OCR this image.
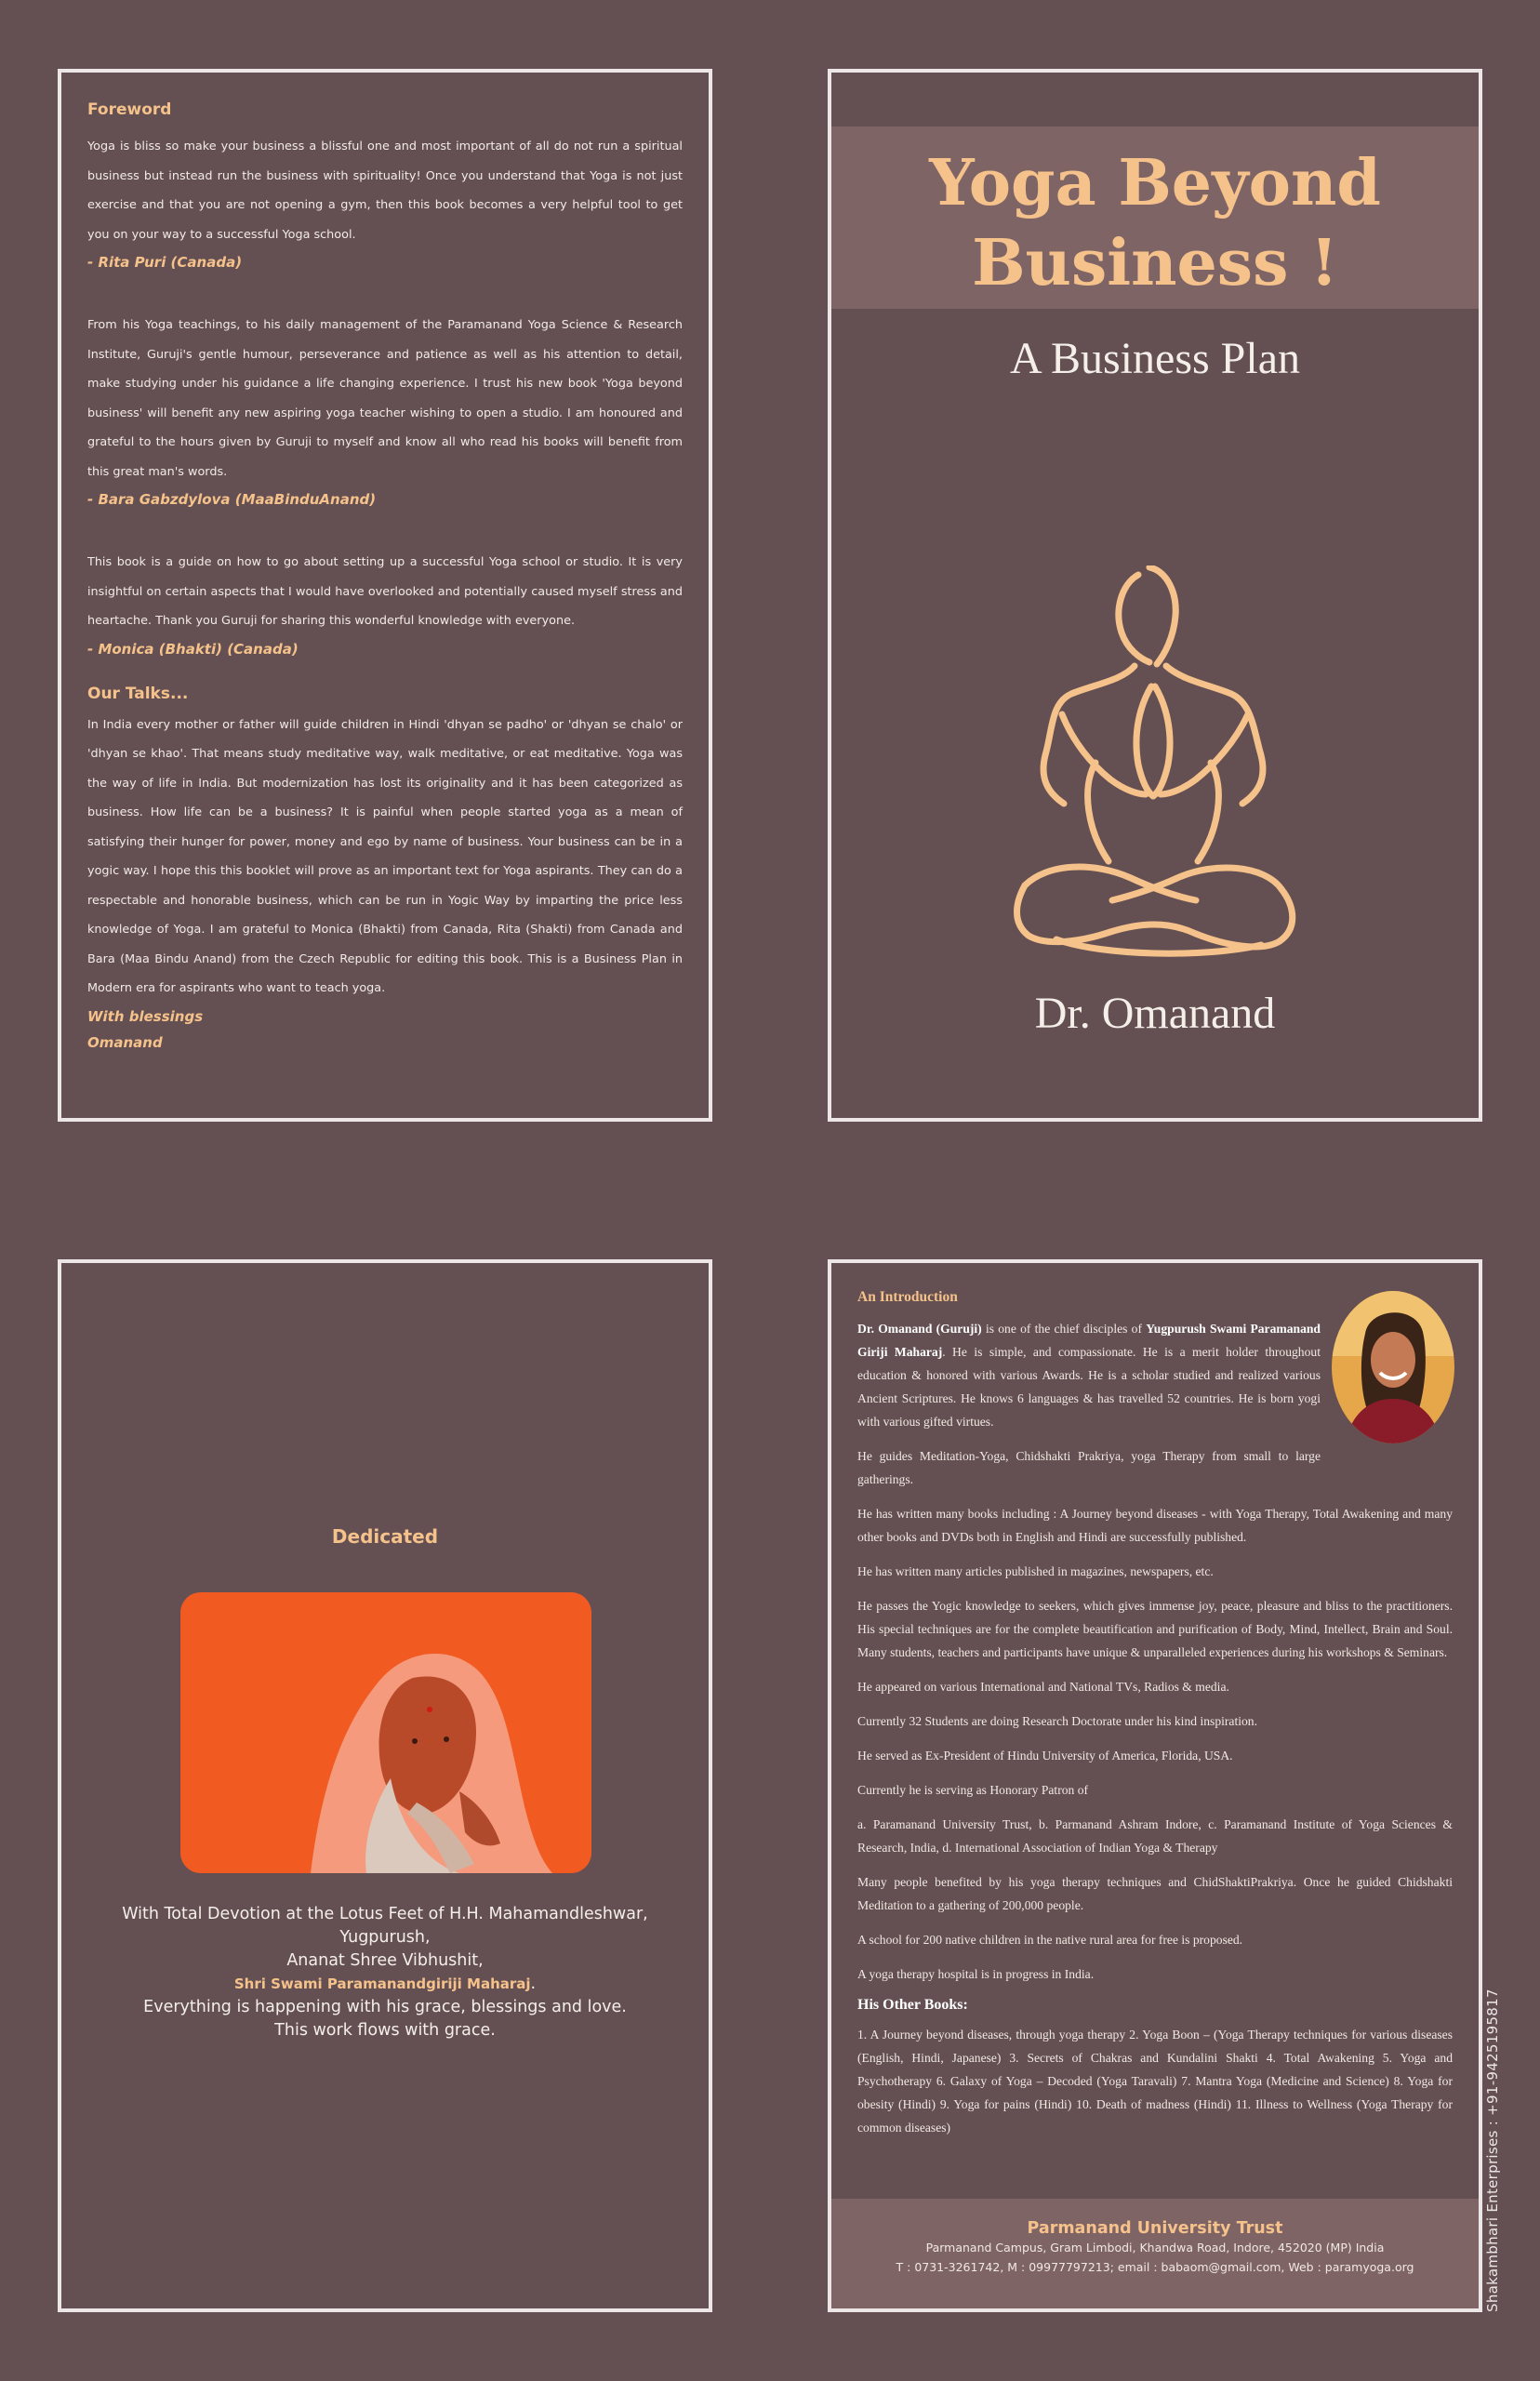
Foreword

Yoga is bliss so make your business a blissful one and most important of all do not run a spiritual business but instead run the business with spirituality! Once you understand that Yoga is not just exercise and that you are not opening a gym, then this book becomes a very helpful tool to get you on your way to a successful Yoga school.

- Rita Puri (Canada)

From his Yoga teachings, to his daily management of the Paramanand Yoga Science & Research Institute, Guruji's gentle humour, perseverance and patience as well as his attention to detail, make studying under his guidance a life changing experience. I trust his new book 'Yoga beyond business' will benefit any new aspiring yoga teacher wishing to open a studio. I am honoured and grateful to the hours given by Guruji to myself and know all who read his books will benefit from this great man's words.

- Bara Gabzdylova (MaaBinduAnand)

This book is a guide on how to go about setting up a successful Yoga school or studio. It is very insightful on certain aspects that I would have overlooked and potentially caused myself stress and heartache. Thank you Guruji for sharing this wonderful knowledge with everyone.

- Monica (Bhakti) (Canada)

Our Talks...

In India every mother or father will guide children in Hindi 'dhyan se padho' or 'dhyan se chalo' or 'dhyan se khao'. That means study meditative way, walk meditative, or eat meditative. Yoga was the way of life in India. But modernization has lost its originality and it has been categorized as business. How life can be a business? It is painful when people started yoga as a mean of satisfying their hunger for power, money and ego by name of business. Your business can be in a yogic way. I hope this this booklet will prove as an important text for Yoga aspirants. They can do a respectable and honorable business, which can be run in Yogic Way by imparting the price less knowledge of Yoga. I am grateful to Monica (Bhakti) from Canada, Rita (Shakti) from Canada and Bara (Maa Bindu Anand) from the Czech Republic for editing this book. This is a Business Plan in Modern era for aspirants who want to teach yoga.

With blessings

Omanand

Yoga Beyond
Business !
A Business Plan
Dr. Omanand
Dedicated
With Total Devotion at the Lotus Feet of H.H. Mahamandleshwar,
Yugpurush,
Ananat Shree Vibhushit,
Shri Swami Paramanandgiriji Maharaj.
Everything is happening with his grace, blessings and love.
This work flows with grace.

An Introduction

Dr. Omanand (Guruji) is one of the chief disciples of Yugpurush Swami Paramanand Giriji Maharaj. He is simple, and compassionate. He is a merit holder throughout education & honored with various Awards. He is a scholar studied and realized various Ancient Scriptures. He knows 6 languages & has travelled 52 countries. He is born yogi with various gifted virtues.

He guides Meditation-Yoga, Chidshakti Prakriya, yoga Therapy from small to large gatherings.

He has written many books including : A Journey beyond diseases - with Yoga Therapy, Total Awakening and many other books and DVDs both in English and Hindi are successfully published.

He has written many articles published in magazines, newspapers, etc.

He passes the Yogic knowledge to seekers, which gives immense joy, peace, pleasure and bliss to the practitioners. His special techniques are for the complete beautification and purification of Body, Mind, Intellect, Brain and Soul. Many students, teachers and participants have unique & unparalleled experiences during his workshops & Seminars.

He appeared on various International and National TVs, Radios & media.

Currently 32 Students are doing Research Doctorate under his kind inspiration.

He served as Ex-President of Hindu University of America, Florida, USA.

Currently he is serving as Honorary Patron of

a. Paramanand University Trust, b. Parmanand Ashram Indore, c. Paramanand Institute of Yoga Sciences & Research, India, d. International Association of Indian Yoga & Therapy

Many people benefited by his yoga therapy techniques and ChidShaktiPrakriya. Once he guided Chidshakti Meditation to a gathering of 200,000 people.

A school for 200 native children in the native rural area for free is proposed.

A yoga therapy hospital is in progress in India.

His Other Books:

1. A Journey beyond diseases, through yoga therapy 2. Yoga Boon – (Yoga Therapy techniques for various diseases (English, Hindi, Japanese) 3. Secrets of Chakras and Kundalini Shakti 4. Total Awakening 5. Yoga and Psychotherapy 6. Galaxy of Yoga – Decoded (Yoga Taravali) 7. Mantra Yoga (Medicine and Science) 8. Yoga for obesity (Hindi) 9. Yoga for pains (Hindi) 10. Death of madness (Hindi) 11. Illness to Wellness (Yoga Therapy for common diseases)

Parmanand University Trust
Parmanand Campus, Gram Limbodi, Khandwa Road, Indore, 452020 (MP) India
T : 0731-3261742, M : 09977797213; email : babaom@gmail.com, Web : paramyoga.org	Shakambhari Enterprises : +91-9425195817
